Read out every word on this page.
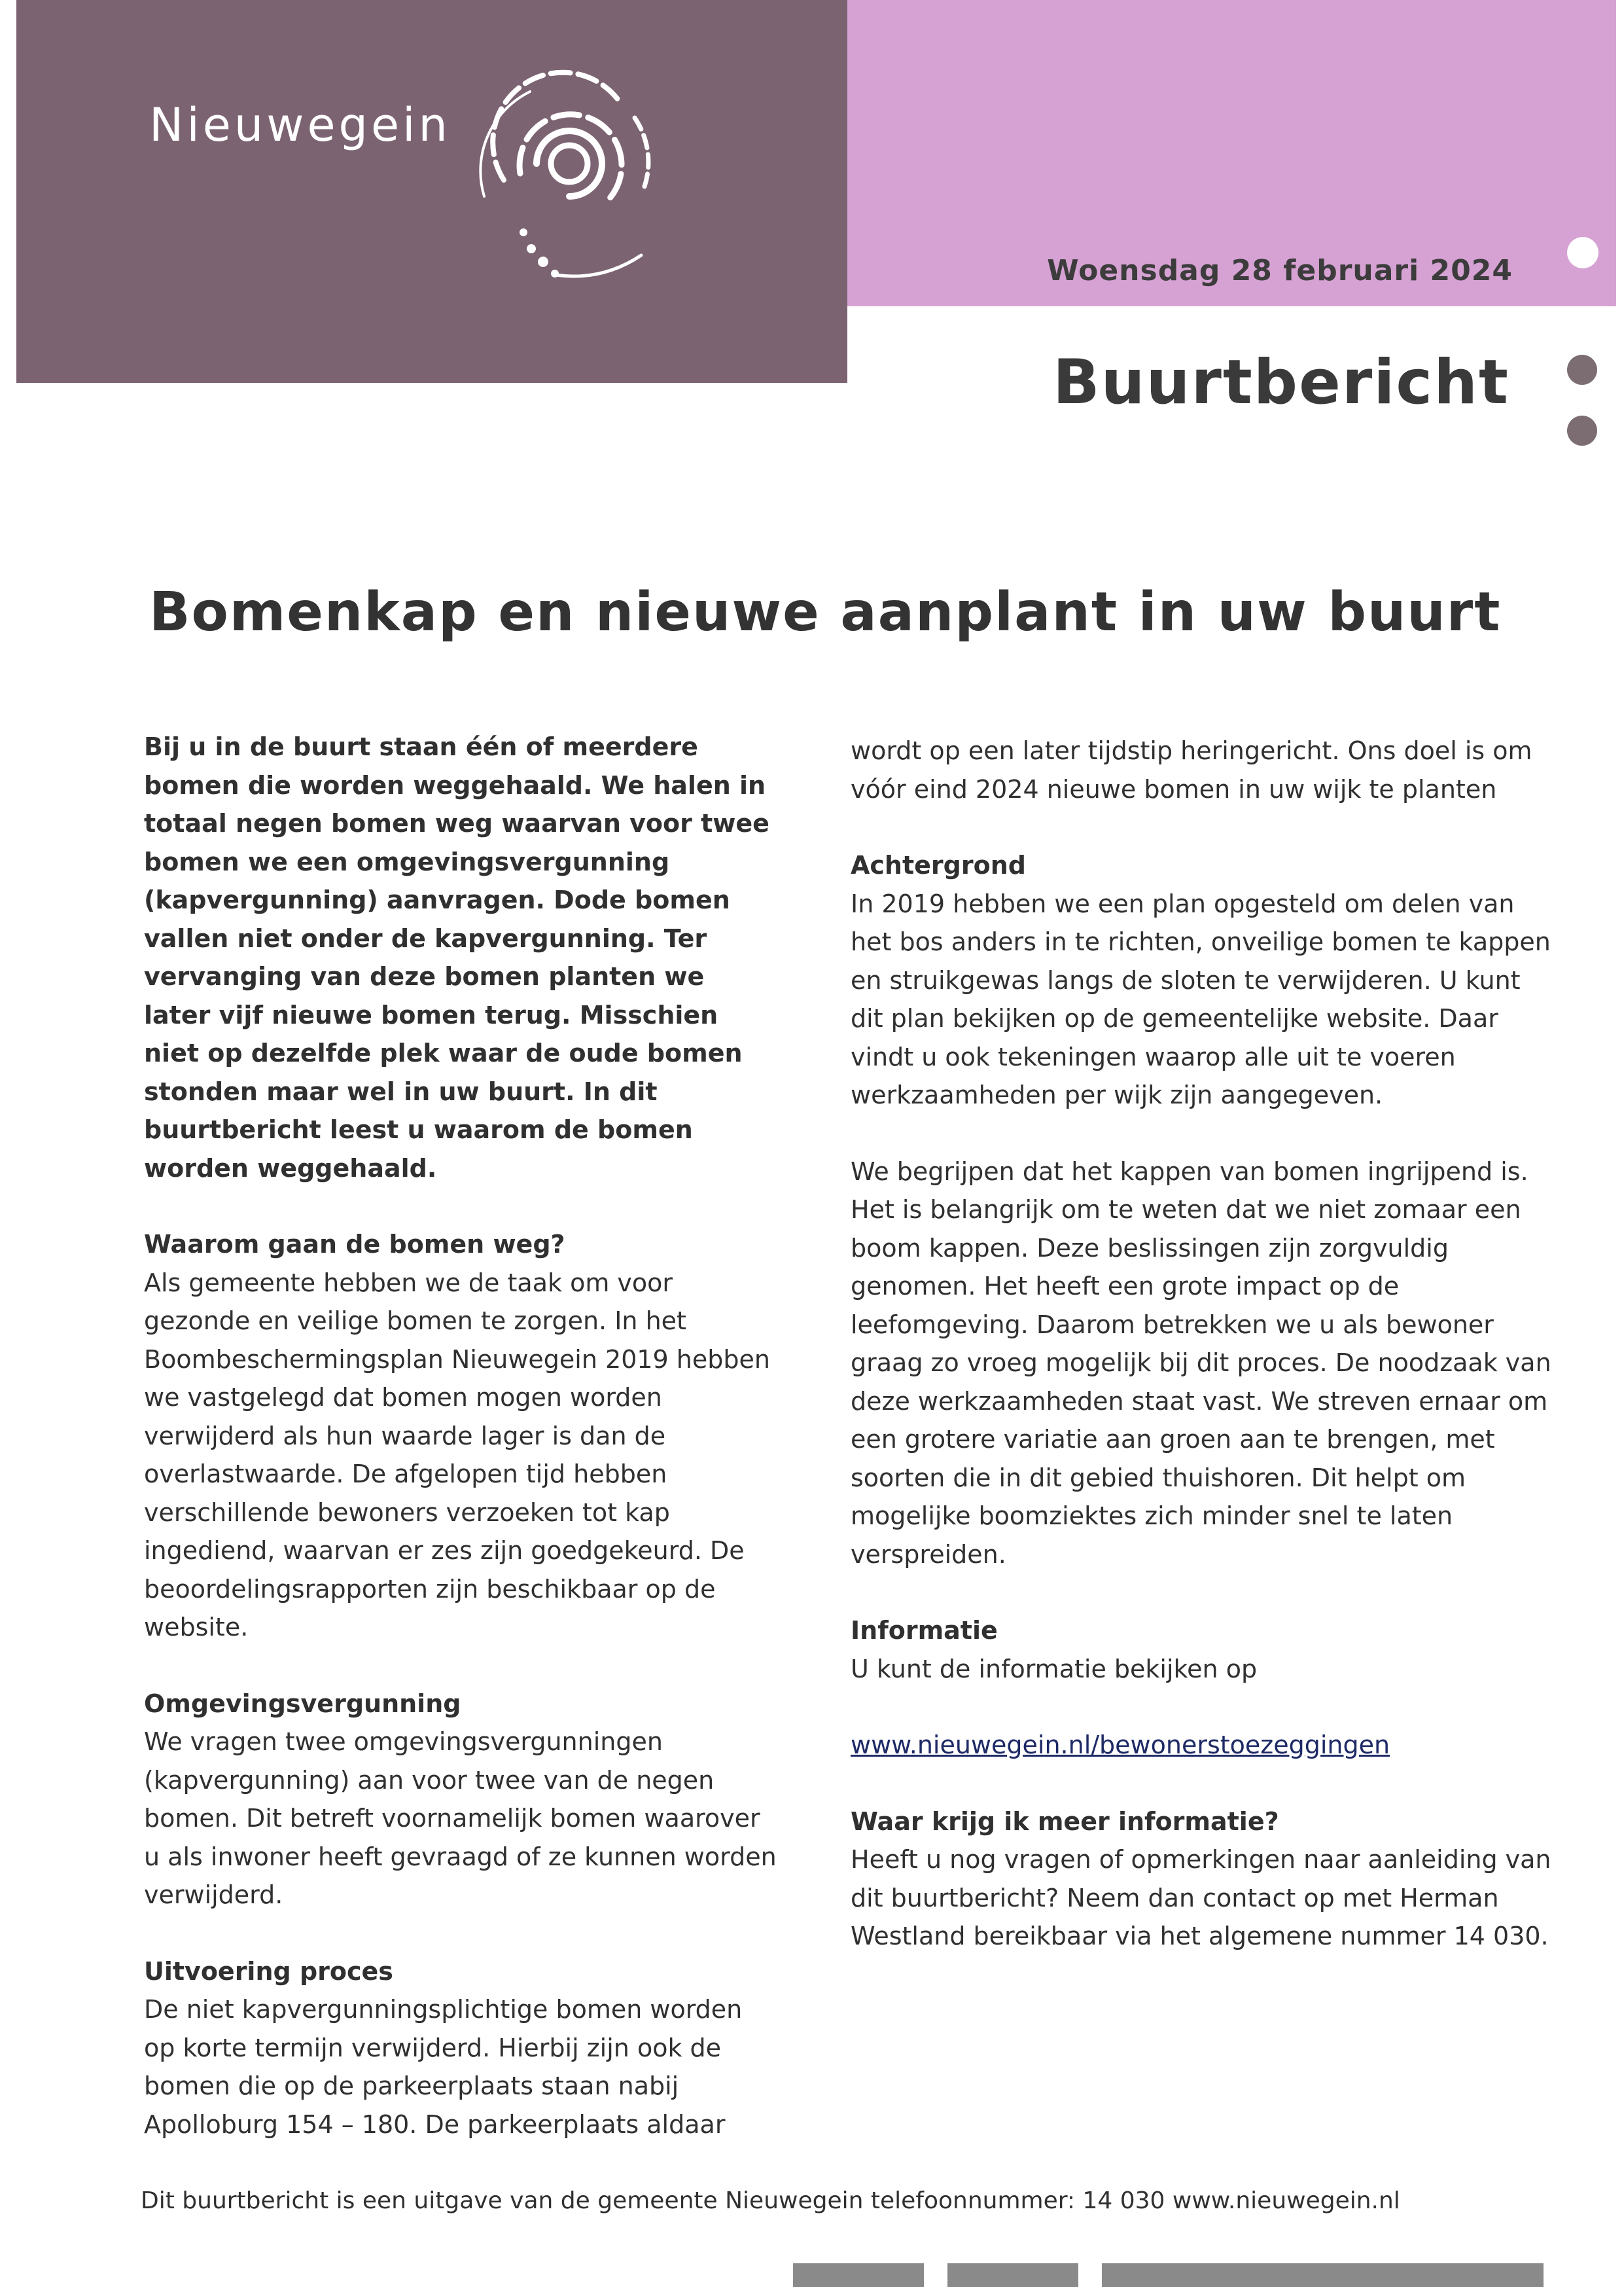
Nieuwegein
Woensdag 28 februari 2024
Buurtbericht
Bomenkap en nieuwe aanplant in uw buurt

Bij u in de buurt staan één of meerdere bomen die worden weggehaald. We halen in totaal negen bomen weg waarvan voor twee bomen we een omgevingsvergunning (kapvergunning) aanvragen. Dode bomen vallen niet onder de kapvergunning. Ter vervanging van deze bomen planten we later vijf nieuwe bomen terug. Misschien niet op dezelfde plek waar de oude bomen stonden maar wel in uw buurt. In dit buurtbericht leest u waarom de bomen worden weggehaald.

Waarom gaan de bomen weg?

Als gemeente hebben we de taak om voor gezonde en veilige bomen te zorgen. In het Boombeschermingsplan Nieuwegein 2019 hebben we vastgelegd dat bomen mogen worden verwijderd als hun waarde lager is dan de overlastwaarde. De afgelopen tijd hebben verschillende bewoners verzoeken tot kap ingediend, waarvan er zes zijn goedgekeurd. De beoordelingsrapporten zijn beschikbaar op de website.

Omgevingsvergunning

We vragen twee omgevingsvergunningen (kapvergunning) aan voor twee van de negen bomen. Dit betreft voornamelijk bomen waarover u als inwoner heeft gevraagd of ze kunnen worden verwijderd.

Uitvoering proces

De niet kapvergunningsplichtige bomen worden op korte termijn verwijderd. Hierbij zijn ook de bomen die op de parkeerplaats staan nabij Apolloburg 154 – 180. De parkeerplaats aldaar

wordt op een later tijdstip heringericht. Ons doel is om vóór eind 2024 nieuwe bomen in uw wijk te planten

Achtergrond

In 2019 hebben we een plan opgesteld om delen van het bos anders in te richten, onveilige bomen te kappen en struikgewas langs de sloten te verwijderen. U kunt dit plan bekijken op de gemeentelijke website. Daar vindt u ook tekeningen waarop alle uit te voeren werkzaamheden per wijk zijn aangegeven.

We begrijpen dat het kappen van bomen ingrijpend is. Het is belangrijk om te weten dat we niet zomaar een boom kappen. Deze beslissingen zijn zorgvuldig genomen. Het heeft een grote impact op de leefomgeving. Daarom betrekken we u als bewoner graag zo vroeg mogelijk bij dit proces. De noodzaak van deze werkzaamheden staat vast. We streven ernaar om een grotere variatie aan groen aan te brengen, met soorten die in dit gebied thuishoren. Dit helpt om mogelijke boomziektes zich minder snel te laten verspreiden.

Informatie

U kunt de informatie bekijken op

www.nieuwegein.nl/bewonerstoezeggingen

Waar krijg ik meer informatie?

Heeft u nog vragen of opmerkingen naar aanleiding van dit buurtbericht? Neem dan contact op met Herman Westland bereikbaar via het algemene nummer 14 030.

Dit buurtbericht is een uitgave van de gemeente Nieuwegein telefoonnummer: 14 030 www.nieuwegein.nl
